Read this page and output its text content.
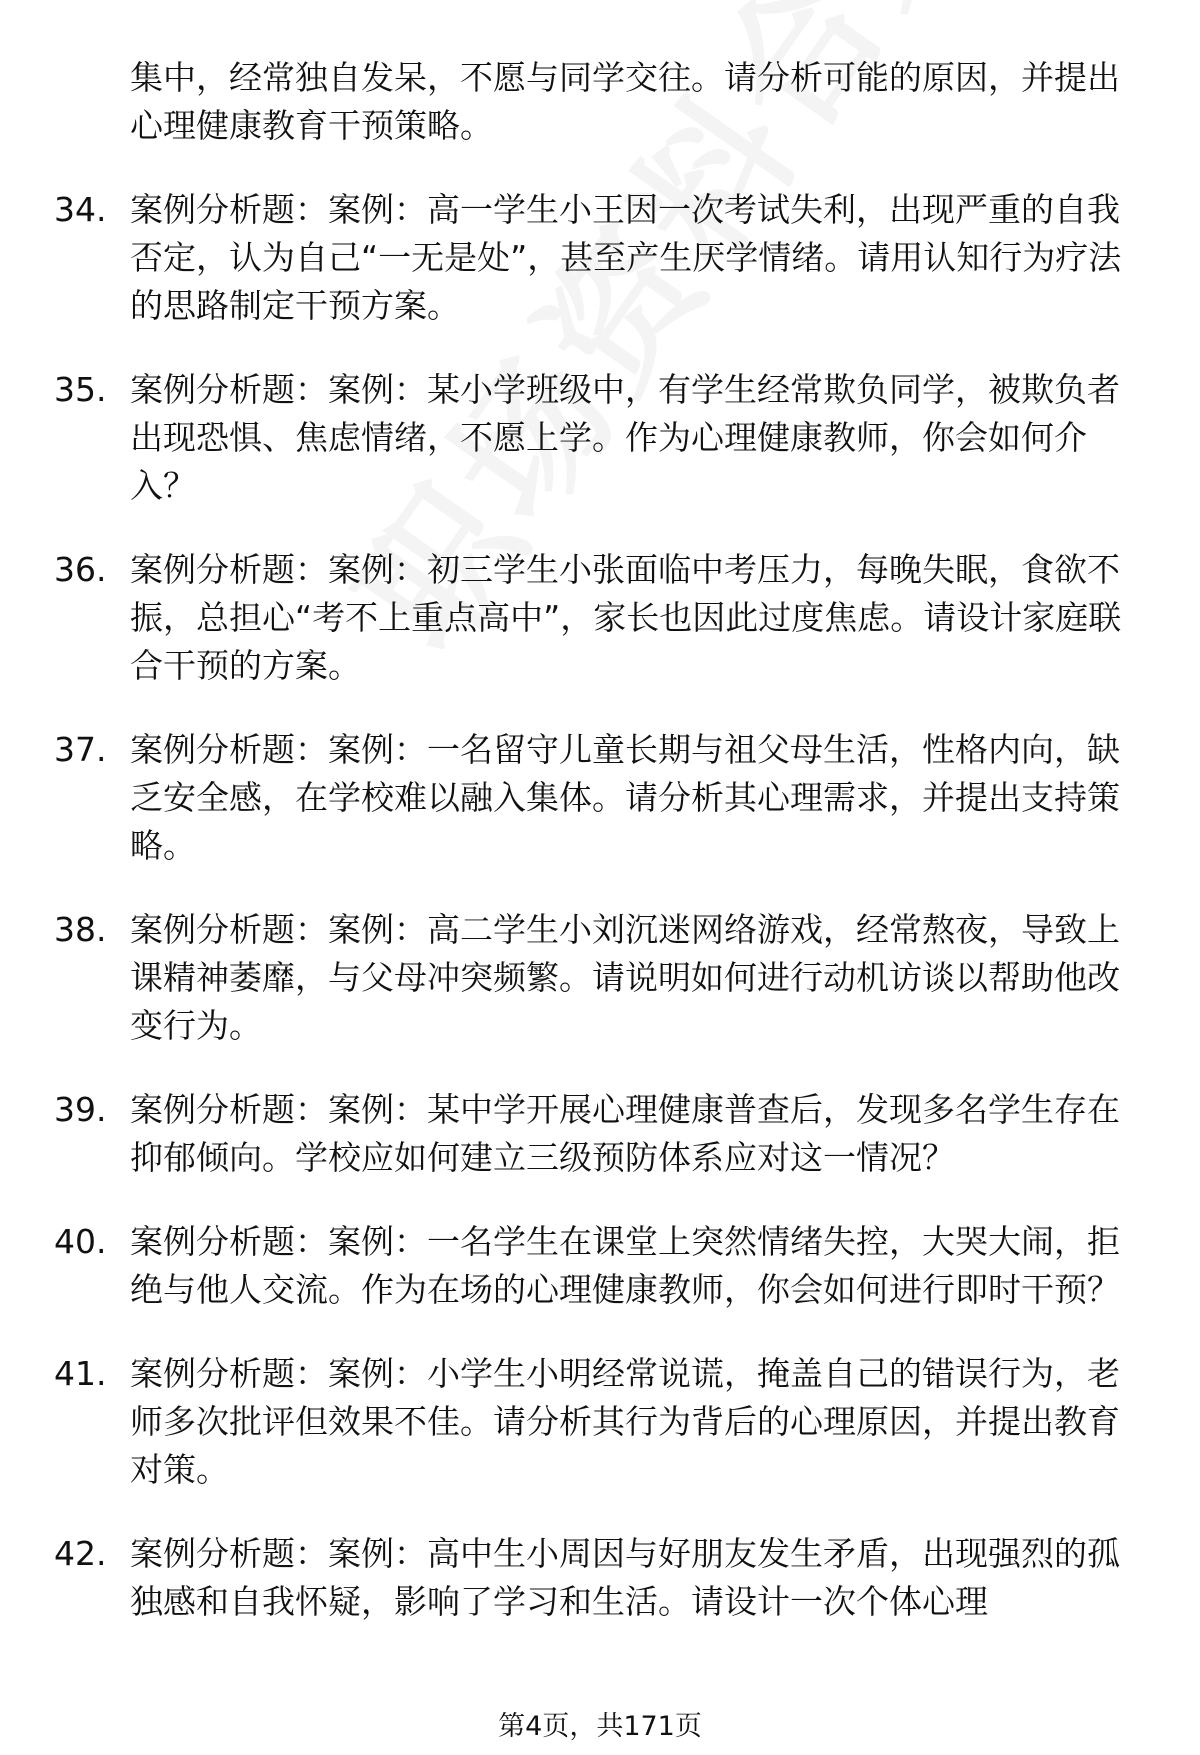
集中，经常独自发呆，不愿与同学交往。请分析可能的原因，并提出心理健康教育干预策略。
34. 案例分析题：案例：高一学生小王因一次考试失利，出现严重的自我否定，认为自己“一无是处”，甚至产生厌学情绪。请用认知行为疗法的思路制定干预方案。
35. 案例分析题：案例：某小学班级中，有学生经常欺负同学，被欺负者出现恐惧、焦虑情绪，不愿上学。作为心理健康教师，你会如何介入？
36. 案例分析题：案例：初三学生小张面临中考压力，每晚失眠，食欲不振，总担心“考不上重点高中”，家长也因此过度焦虑。请设计家庭联合干预的方案。
37. 案例分析题：案例：一名留守儿童长期与祖父母生活，性格内向，缺乏安全感，在学校难以融入集体。请分析其心理需求，并提出支持策略。
38. 案例分析题：案例：高二学生小刘沉迷网络游戏，经常熬夜，导致上课精神萎靡，与父母冲突频繁。请说明如何进行动机访谈以帮助他改变行为。
39. 案例分析题：案例：某中学开展心理健康普查后，发现多名学生存在抑郁倾向。学校应如何建立三级预防体系应对这一情况？
40. 案例分析题：案例：一名学生在课堂上突然情绪失控，大哭大闹，拒绝与他人交流。作为在场的心理健康教师，你会如何进行即时干预？
41. 案例分析题：案例：小学生小明经常说谎，掩盖自己的错误行为，老师多次批评但效果不佳。请分析其行为背后的心理原因，并提出教育对策。
42. 案例分析题：案例：高中生小周因与好朋友发生矛盾，出现强烈的孤独感和自我怀疑，影响了学习和生活。请设计一次个体心理
第4页，共171页
